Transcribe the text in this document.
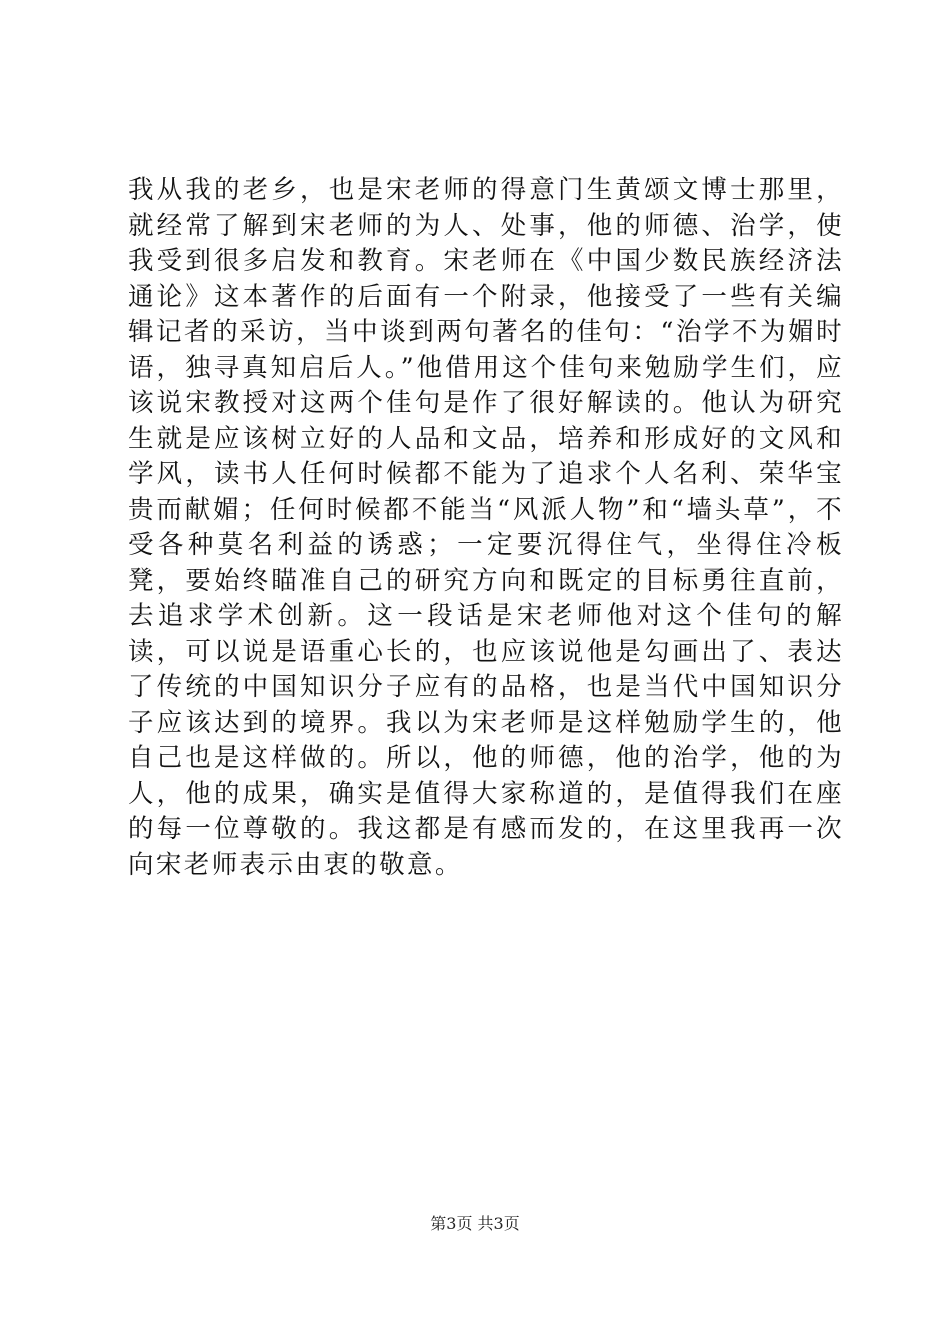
我从我的老乡，也是宋老师的得意门生黄颂文博士那里，就经常了解到宋老师的为人、处事，他的师德、治学，使我受到很多启发和教育。宋老师在《中国少数民族经济法通论》这本著作的后面有一个附录，他接受了一些有关编辑记者的采访，当中谈到两句著名的佳句：“治学不为媚时语，独寻真知启后人。”他借用这个佳句来勉励学生们，应该说宋教授对这两个佳句是作了很好解读的。他认为研究生就是应该树立好的人品和文品，培养和形成好的文风和学风，读书人任何时候都不能为了追求个人名利、荣华宝贵而献媚；任何时候都不能当“风派人物”和“墙头草”，不受各种莫名利益的诱惑；一定要沉得住气，坐得住冷板凳，要始终瞄准自己的研究方向和既定的目标勇往直前，去追求学术创新。这一段话是宋老师他对这个佳句的解读，可以说是语重心长的，也应该说他是勾画出了、表达了传统的中国知识分子应有的品格，也是当代中国知识分子应该达到的境界。我以为宋老师是这样勉励学生的，他自己也是这样做的。所以，他的师德，他的治学，他的为人，他的成果，确实是值得大家称道的，是值得我们在座的每一位尊敬的。我这都是有感而发的，在这里我再一次向宋老师表示由衷的敬意。

第3页 共3页
